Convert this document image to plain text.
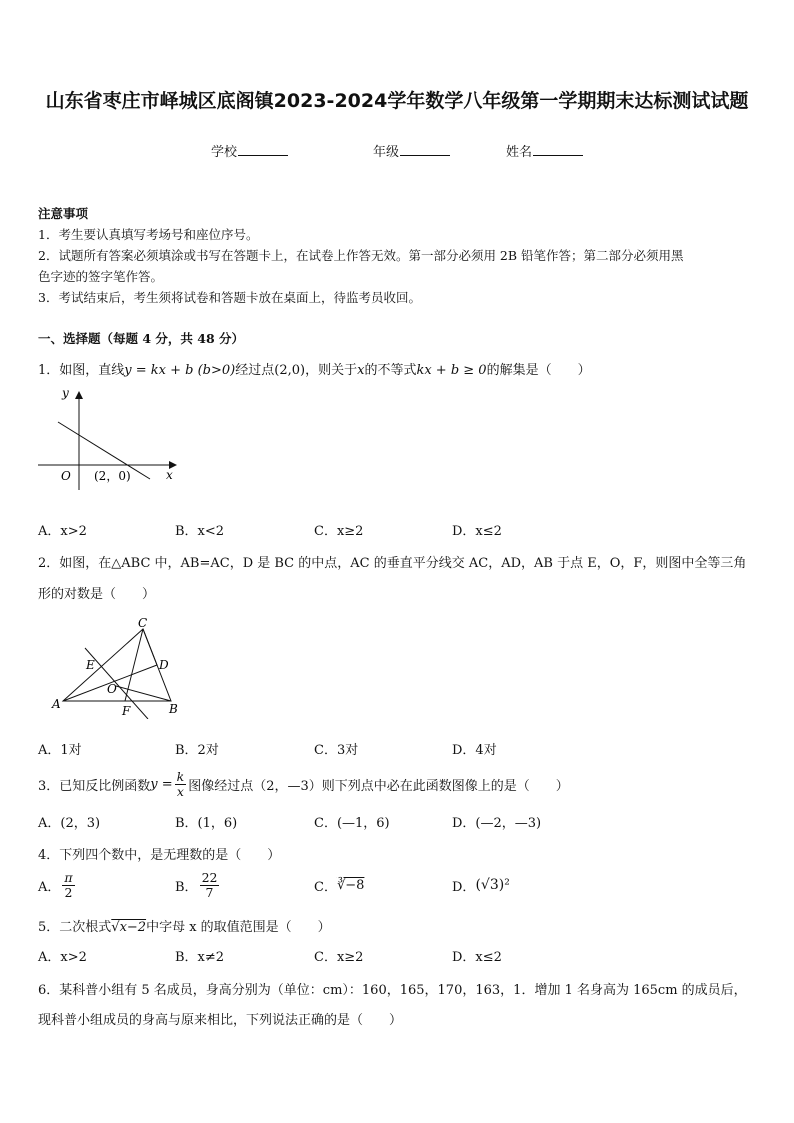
山东省枣庄市峄城区底阁镇2023-2024学年数学八年级第一学期期末达标测试试题
学校	年级	姓名
注意事项
1．考生要认真填写考场号和座位序号。
2．试题所有答案必须填涂或书写在答题卡上，在试卷上作答无效。第一部分必须用 2B 铅笔作答；第二部分必须用黑
色字迹的签字笔作答。
3．考试结束后，考生须将试卷和答题卡放在桌面上，待监考员收回。
一、选择题（每题 4 分，共 48 分）
1．如图，直线y = kx + b (b>0)经过点(2,0)，则关于x的不等式kx + b ≥ 0的解集是（　　）
y
x
O (2，0)
A．x>2	B．x<2	C．x≥2	D．x≤2
2．如图，在△ABC 中，AB=AC，D 是 BC 的中点，AC 的垂直平分线交 AC，AD，AB 于点 E，O，F，则图中全等三角
形的对数是（　　）
A	B
C
D
E
F
O
A．1对	B．2对	C．3对	D．4对
3．已知反比例函数 $y = \frac{k}{x}$ 图像经过点（2，—3）则下列点中必在此函数图像上的是（　　）
A．(2，3)	B．(1，6)	C．(—1，6)	D．(—2，—3)
4．下列四个数中，是无理数的是（　　）
A． $\frac{\pi}{2}$	B． $\frac{22}{7}$	C． ∛−8	D． (√3)²
5．二次根式√x−2中字母 x 的取值范围是（　　）
A．x>2	B．x≠2	C．x≥2	D．x≤2
6．某科普小组有 5 名成员，身高分别为（单位：cm）：160，165，170，163，1．增加 1 名身高为 165cm 的成员后，
现科普小组成员的身高与原来相比，下列说法正确的是（　　）
